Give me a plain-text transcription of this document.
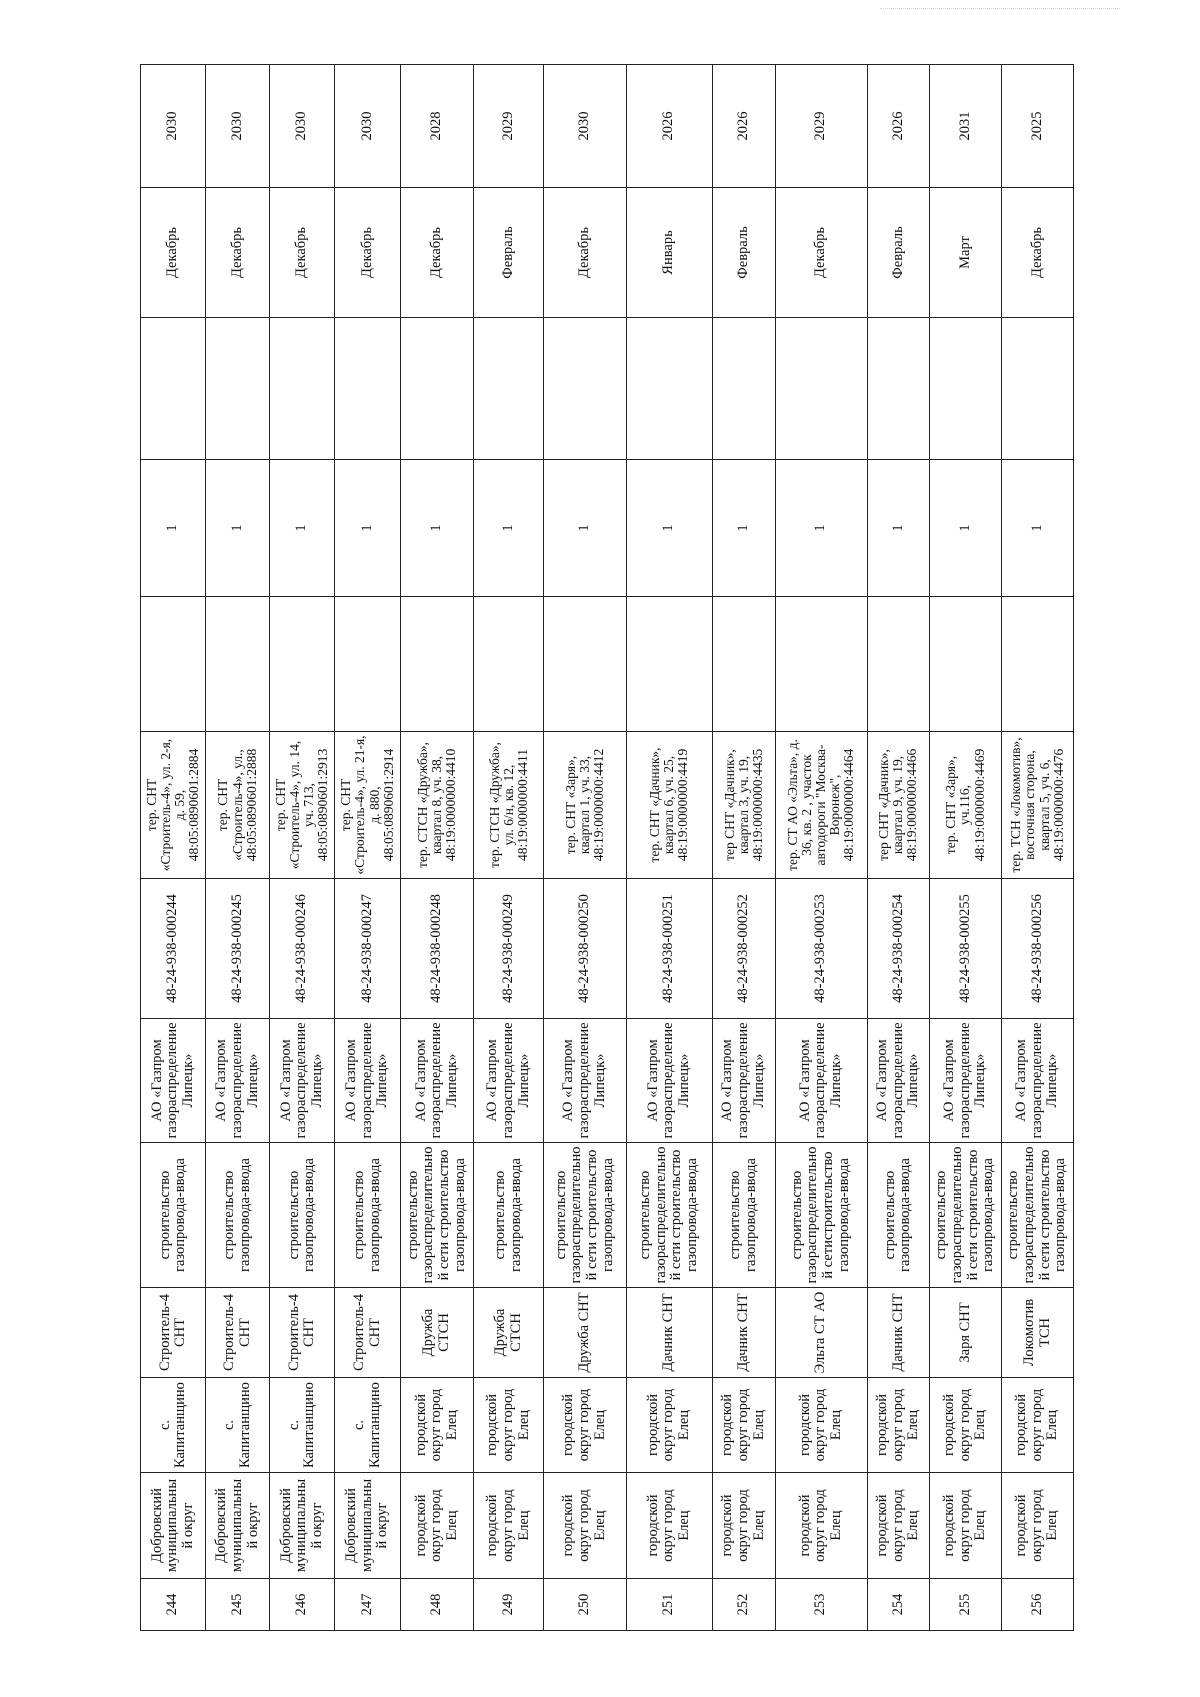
244	Добровский муниципальный округ	с. Капитанщино	Строитель-4 СНТ	строительство газопровода-ввода	АО «Газпром газораспределение Липецк»	48-24-938-000244	тер. СНТ «Строитель-4», ул. 2-я, д. 59, 48:05:0890601:2884		1		Декабрь	2030
245	Добровский муниципальный округ	с. Капитанщино	Строитель-4 СНТ	строительство газопровода-ввода	АО «Газпром газораспределение Липецк»	48-24-938-000245	тер. СНТ «Строитель-4», ул., 48:05:0890601:2888		1		Декабрь	2030
246	Добровский муниципальный округ	с. Капитанщино	Строитель-4 СНТ	строительство газопровода-ввода	АО «Газпром газораспределение Липецк»	48-24-938-000246	тер. СНТ «Строитель-4», ул. 14, уч. 713, 48:05:0890601:2913		1		Декабрь	2030
247	Добровский муниципальный округ	с. Капитанщино	Строитель-4 СНТ	строительство газопровода-ввода	АО «Газпром газораспределение Липецк»	48-24-938-000247	тер. СНТ «Строитель-4», ул. 21-я, д. 880, 48:05:0890601:2914		1		Декабрь	2030
248	городской округ город Елец	городской округ город Елец	Дружба СТСН	строительство газораспределительной сети строительство газопровода-ввода	АО «Газпром газораспределение Липецк»	48-24-938-000248	тер. СТСН «Дружба», квартал 8, уч. 38, 48:19:0000000:4410		1		Декабрь	2028
249	городской округ город Елец	городской округ город Елец	Дружба СТСН	строительство газопровода-ввода	АО «Газпром газораспределение Липецк»	48-24-938-000249	тер. СТСН «Дружба», ул. 6/н, кв. 12, 48:19:0000000:4411		1		Февраль	2029
250	городской округ город Елец	городской округ город Елец	Дружба СНТ	строительство газораспределительной сети строительство газопровода-ввода	АО «Газпром газораспределение Липецк»	48-24-938-000250	тер. СНТ «Заря», квартал 1, уч. 33, 48:19:0000000:4412		1		Декабрь	2030
251	городской округ город Елец	городской округ город Елец	Дачник СНТ	строительство газораспределительной сети строительство газопровода-ввода	АО «Газпром газораспределение Липецк»	48-24-938-000251	тер. СНТ «Дачник», квартал 6, уч. 25, 48:19:0000000:4419		1		Январь	2026
252	городской округ город Елец	городской округ город Елец	Дачник СНТ	строительство газопровода-ввода	АО «Газпром газораспределение Липецк»	48-24-938-000252	тер СНТ «Дачник», квартал 3, уч. 19, 48:19:0000000:4435		1		Февраль	2026
253	городской округ город Елец	городской округ город Елец	Эльта СТ АО	строительство газораспределительной сетистроительство газопровода-ввода	АО «Газпром газораспределение Липецк»	48-24-938-000253	тер. СТ АО «Эльта», д. 36, кв. 2 , участок автодороги "Москва-Воронеж", 48:19:0000000:4464		1		Декабрь	2029
254	городской округ город Елец	городской округ город Елец	Дачник СНТ	строительство газопровода-ввода	АО «Газпром газораспределение Липецк»	48-24-938-000254	тер СНТ «Дачник», квартал 9, уч. 19, 48:19:0000000:4466		1		Февраль	2026
255	городской округ город Елец	городской округ город Елец	Заря СНТ	строительство газораспределительной сети строительство газопровода-ввода	АО «Газпром газораспределение Липецк»	48-24-938-000255	тер. СНТ «Заря», уч.116, 48:19:0000000:4469		1		Март	2031
256	городской округ город Елец	городской округ город Елец	Локомотив ТСН	строительство газораспределительной сети строительство газопровода-ввода	АО «Газпром газораспределение Липецк»	48-24-938-000256	тер. ТСН «Локомотив», восточная сторона, квартал 5, уч. 6, 48:19:0000000:4476		1		Декабрь	2025
